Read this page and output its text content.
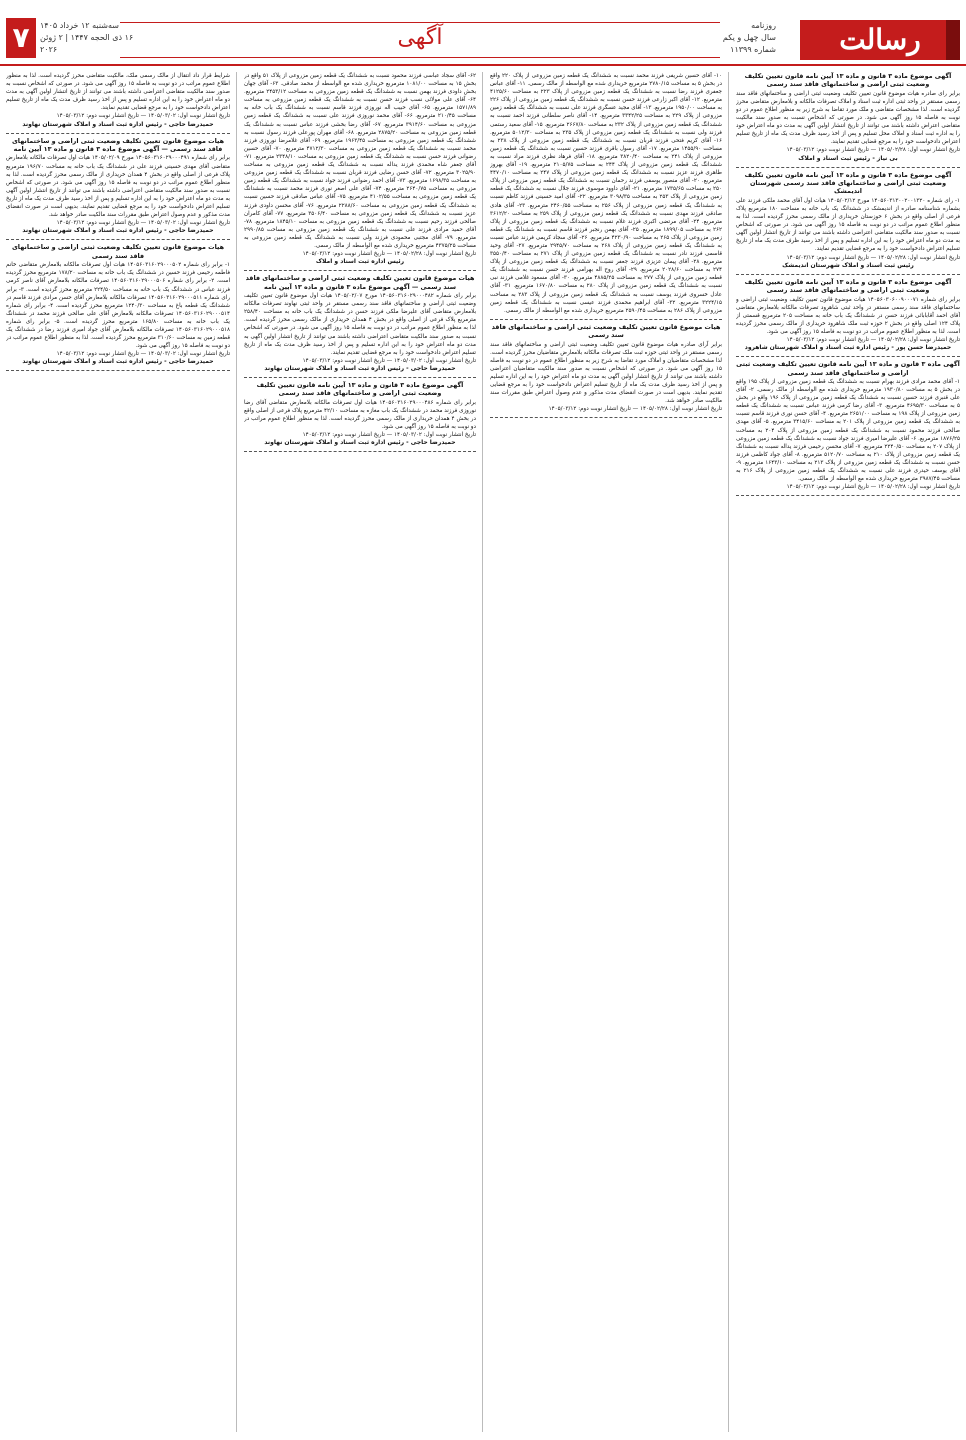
رسالت
روزنامه
سال چهل و یکم
شماره ۱۱۳۹۹
آگهی
سه‌شنبه ۱۲ خرداد ۱۴۰۵
۱۶ ذی الحجه ۱۴۴۷ | ۲ ژوئن ۲۰۲۶
۷
آگهی موضوع ماده ۳ قانون و ماده ۱۳ آیین نامه قانون تعیین تکلیف وضعیت ثبتی اراضی و ساختمانهای فاقد سند رسمی
برابر رای صادره هیات موضوع قانون تعیین تکلیف وضعیت ثبتی اراضی و ساختمانهای فاقد سند رسمی مستقر در واحد ثبتی اداره ثبت اسناد و املاک تصرفات مالکانه و بلامعارض متقاضی محرز گردیده است. لذا مشخصات متقاضی و ملک مورد تقاضا به شرح زیر به منظور اطلاع عموم در دو نوبت به فاصله ۱۵ روز آگهی می شود. در صورتی که اشخاص نسبت به صدور سند مالکیت متقاضی اعتراض داشته باشند می توانند از تاریخ انتشار اولین آگهی به مدت دو ماه اعتراض خود را به اداره ثبت اسناد و املاک محل تسلیم و پس از اخذ رسید ظرف مدت یک ماه از تاریخ تسلیم اعتراض دادخواست خود را به مرجع قضایی تقدیم نمایند.
تاریخ انتشار نوبت اول: ۱۴۰۵/۰۲/۲۸ — تاریخ انتشار نوبت دوم: ۱۴۰۵/۰۳/۱۲
بی نیاز - رئیس ثبت اسناد و املاک
آگهی موضوع ماده ۳ قانون و ماده ۱۳ آیین نامه قانون تعیین تکلیف وضعیت ثبتی اراضی و ساختمانهای فاقد سند رسمی شهرستان اندیمشک
۱- رای شماره ۱۴۰۵۶۰۳۱۳۰۰۲۰۰۱۳۲۰ مورخ ۱۴۰۵/۰۲/۱۲ هیات اول آقای محمد ملکی فرزند علی بشماره شناسنامه صادره از اندیمشک در ششدانگ یک باب خانه به مساحت ۱۸۰ مترمربع پلاک فرعی از اصلی واقع در بخش ۶ خوزستان خریداری از مالک رسمی محرز گردیده است. لذا به منظور اطلاع عموم مراتب در دو نوبت به فاصله ۱۵ روز آگهی می شود. در صورتی که اشخاص نسبت به صدور سند مالکیت متقاضی اعتراضی داشته باشند می توانند از تاریخ انتشار اولین آگهی به مدت دو ماه اعتراض خود را به این اداره تسلیم و پس از اخذ رسید ظرف مدت یک ماه از تاریخ تسلیم اعتراض دادخواست خود را به مرجع قضایی تقدیم نمایند.
تاریخ انتشار نوبت اول: ۱۴۰۵/۰۲/۲۸ — تاریخ انتشار نوبت دوم: ۱۴۰۵/۰۳/۱۲
رئیس ثبت اسناد و املاک شهرستان اندیمشک
آگهی موضوع ماده ۳ قانون و ماده ۱۳ آیین نامه قانون تعیین تکلیف وضعیت ثبتی اراضی و ساختمانهای فاقد سند رسمی
برابر رای شماره ۱۴۰۵۶۰۳۰۶۰۰۹۰۰۰۷۱ هیات موضوع قانون تعیین تکلیف وضعیت ثبتی اراضی و ساختمانهای فاقد سند رسمی مستقر در واحد ثبتی شاهرود تصرفات مالکانه بلامعارض متقاضی آقای احمد آقابابائی فرزند حسن در ششدانگ یک باب خانه به مساحت ۲۰۵ مترمربع قسمتی از پلاک ۱۲۴ اصلی واقع در بخش ۲ حوزه ثبت ملک شاهرود خریداری از مالک رسمی محرز گردیده است. لذا به منظور اطلاع عموم مراتب در دو نوبت به فاصله ۱۵ روز آگهی می شود.
تاریخ انتشار نوبت اول: ۱۴۰۵/۰۲/۲۸ — تاریخ انتشار نوبت دوم: ۱۴۰۵/۰۳/۱۲
حمیدرضا حسن پور - رئیس اداره ثبت اسناد و املاک شهرستان شاهرود
آگهی ماده ۳ قانون و ماده ۱۳ آیین نامه قانون تعیین تکلیف وضعیت ثبتی اراضی و ساختمانهای فاقد سند رسمی
۱- آقای محمد مرادی فرزند بهرام نسبت به ششدانگ یک قطعه زمین مزروعی از پلاک ۱۹۵ واقع در بخش ۵ به مساحت ۱۹۳۰/۸۰ مترمربع خریداری شده مع الواسطه از مالک رسمی. ۲- آقای علی قنبری فرزند حسین نسبت به ششدانگ یک قطعه زمین مزروعی از پلاک ۱۹۶ واقع در بخش ۵ به مساحت ۴۶۹۵/۳۰ مترمربع. ۳- آقای رضا کرمی فرزند عباس نسبت به ششدانگ یک قطعه زمین مزروعی از پلاک ۱۹۸ به مساحت ۲۶۵۱/۰۰ مترمربع. ۴- آقای حسن نوری فرزند قاسم نسبت به ششدانگ یک قطعه زمین مزروعی از پلاک ۲۰۱ به مساحت ۳۴۱۵/۶۰ مترمربع. ۵- آقای مهدی صالحی فرزند محمود نسبت به ششدانگ یک قطعه زمین مزروعی از پلاک ۲۰۴ به مساحت ۱۸۷۶/۲۵ مترمربع. ۶- آقای علیرضا امیری فرزند جواد نسبت به ششدانگ یک قطعه زمین مزروعی از پلاک ۲۰۷ به مساحت ۲۲۴۰/۵۰ مترمربع. ۷- آقای محسن رحیمی فرزند یداله نسبت به ششدانگ یک قطعه زمین مزروعی از پلاک ۲۱۰ به مساحت ۵۱۲۰/۷۰ مترمربع. ۸- آقای جواد کاظمی فرزند حسن نسبت به ششدانگ یک قطعه زمین مزروعی از پلاک ۲۱۳ به مساحت ۱۶۴۳/۱۰ مترمربع. ۹- آقای یوسف حیدری فرزند علی نسبت به ششدانگ یک قطعه زمین مزروعی از پلاک ۲۱۶ به مساحت ۳۹۸۷/۴۵ مترمربع خریداری شده مع الواسطه از مالک رسمی.
تاریخ انتشار نوبت اول: ۱۴۰۵/۰۲/۲۸ — تاریخ انتشار نوبت دوم: ۱۴۰۵/۰۳/۱۲
۱۰- آقای حسین شریفی فرزند محمد نسبت به ششدانگ یک قطعه زمین مزروعی از پلاک ۲۲۰ واقع در بخش ۵ به مساحت ۲۷۸۰/۱۵ مترمربع خریداری شده مع الواسطه از مالک رسمی. ۱۱- آقای عباس جعفری فرزند رضا نسبت به ششدانگ یک قطعه زمین مزروعی از پلاک ۲۲۳ به مساحت ۴۱۲۵/۶۰ مترمربع. ۱۲- آقای اکبر زارعی فرزند حسن نسبت به ششدانگ یک قطعه زمین مزروعی از پلاک ۲۲۶ به مساحت ۱۹۵۰/۰۰ مترمربع. ۱۳- آقای مجید عسگری فرزند علی نسبت به ششدانگ یک قطعه زمین مزروعی از پلاک ۲۲۹ به مساحت ۳۳۴۲/۲۵ مترمربع. ۱۴- آقای ناصر سلطانی فرزند احمد نسبت به ششدانگ یک قطعه زمین مزروعی از پلاک ۲۳۲ به مساحت ۲۶۶۷/۸۰ مترمربع. ۱۵- آقای سعید رستمی فرزند ولی نسبت به ششدانگ یک قطعه زمین مزروعی از پلاک ۲۳۵ به مساحت ۵۰۱۲/۳۰ مترمربع. ۱۶- آقای کریم فتحی فرزند قربان نسبت به ششدانگ یک قطعه زمین مزروعی از پلاک ۲۳۸ به مساحت ۱۴۵۵/۹۰ مترمربع. ۱۷- آقای رسول باقری فرزند حسین نسبت به ششدانگ یک قطعه زمین مزروعی از پلاک ۲۴۱ به مساحت ۳۸۲۰/۴۰ مترمربع. ۱۸- آقای فرهاد نظری فرزند مراد نسبت به ششدانگ یک قطعه زمین مزروعی از پلاک ۲۴۴ به مساحت ۲۱۰۵/۷۵ مترمربع. ۱۹- آقای بهروز طاهری فرزند عزیز نسبت به ششدانگ یک قطعه زمین مزروعی از پلاک ۲۴۷ به مساحت ۴۴۷۰/۱۰ مترمربع. ۲۰- آقای منصور یوسفی فرزند رحمان نسبت به ششدانگ یک قطعه زمین مزروعی از پلاک ۲۵۰ به مساحت ۱۷۳۵/۶۵ مترمربع. ۲۱- آقای داوود موسوی فرزند جلال نسبت به ششدانگ یک قطعه زمین مزروعی از پلاک ۲۵۳ به مساحت ۳۰۹۸/۳۵ مترمربع. ۲۲- آقای امید حسینی فرزند کاظم نسبت به ششدانگ یک قطعه زمین مزروعی از پلاک ۲۵۶ به مساحت ۲۴۶۰/۵۵ مترمربع. ۲۳- آقای هادی صادقی فرزند مهدی نسبت به ششدانگ یک قطعه زمین مزروعی از پلاک ۲۵۹ به مساحت ۳۶۱۲/۲۰ مترمربع. ۲۴- آقای مرتضی اکبری فرزند غلام نسبت به ششدانگ یک قطعه زمین مزروعی از پلاک ۲۶۲ به مساحت ۱۸۹۹/۰۵ مترمربع. ۲۵- آقای بهمن رنجبر فرزند قاسم نسبت به ششدانگ یک قطعه زمین مزروعی از پلاک ۲۶۵ به مساحت ۴۲۳۰/۹۰ مترمربع. ۲۶- آقای سجاد کریمی فرزند عباس نسبت به ششدانگ یک قطعه زمین مزروعی از پلاک ۲۶۸ به مساحت ۲۹۴۵/۷۰ مترمربع. ۲۷- آقای وحید قاسمی فرزند نادر نسبت به ششدانگ یک قطعه زمین مزروعی از پلاک ۲۷۱ به مساحت ۳۵۵۰/۴۰ مترمربع. ۲۸- آقای پیمان عزیزی فرزند جعفر نسبت به ششدانگ یک قطعه زمین مزروعی از پلاک ۲۷۴ به مساحت ۲۰۲۸/۶۰ مترمربع. ۲۹- آقای روح اله بهرامی فرزند حسن نسبت به ششدانگ یک قطعه زمین مزروعی از پلاک ۲۷۷ به مساحت ۴۸۸۵/۲۵ مترمربع. ۳۰- آقای مسعود غلامی فرزند نبی نسبت به ششدانگ یک قطعه زمین مزروعی از پلاک ۲۸۰ به مساحت ۱۶۷۰/۸۰ مترمربع. ۳۱- آقای عادل خسروی فرزند یوسف نسبت به ششدانگ یک قطعه زمین مزروعی از پلاک ۲۸۳ به مساحت ۳۲۲۴/۱۵ مترمربع. ۳۲- آقای ابراهیم محمدی فرزند عیسی نسبت به ششدانگ یک قطعه زمین مزروعی از پلاک ۲۸۶ به مساحت ۲۵۹۰/۴۵ مترمربع خریداری شده مع الواسطه از مالک رسمی.
هیات موضوع قانون تعیین تکلیف وضعیت ثبتی اراضی و ساختمانهای فاقد سند رسمی
برابر آرای صادره هیات موضوع قانون تعیین تکلیف وضعیت ثبتی اراضی و ساختمانهای فاقد سند رسمی مستقر در واحد ثبتی حوزه ثبت ملک تصرفات مالکانه بلامعارض متقاضیان محرز گردیده است. لذا مشخصات متقاضیان و املاک مورد تقاضا به شرح زیر به منظور اطلاع عموم در دو نوبت به فاصله ۱۵ روز آگهی می شود. در صورتی که اشخاص نسبت به صدور سند مالکیت متقاضیان اعتراضی داشته باشند می توانند از تاریخ انتشار اولین آگهی به مدت دو ماه اعتراض خود را به این اداره تسلیم و پس از اخذ رسید ظرف مدت یک ماه از تاریخ تسلیم اعتراض دادخواست خود را به مرجع قضایی تقدیم نمایند. بدیهی است در صورت انقضای مدت مذکور و عدم وصول اعتراض طبق مقررات سند مالکیت صادر خواهد شد.
تاریخ انتشار نوبت اول: ۱۴۰۵/۰۲/۲۸ — تاریخ انتشار نوبت دوم: ۱۴۰۵/۰۳/۱۲
۶۲- آقای سجاد عباسی فرزند محمود نسبت به ششدانگ یک قطعه زمین مزروعی از پلاک ۵۱ واقع در بخش ۱۵ به مساحت ۱۰۸۱/۰۰ مترمربع خریداری شده مع الواسطه از محمد صادقی. ۶۳- آقای جهان بخش داودی فرزند بهمن نسبت به ششدانگ یک قطعه زمین مزروعی به مساحت ۲۴۵۳/۱۲ مترمربع. ۶۴- آقای علی مولائی نسب فرزند حسن نسبت به ششدانگ یک قطعه زمین مزروعی به مساحت ۱۵۷۱/۸۹ مترمربع. ۶۵- آقای حبیب اله نوروزی فرزند قاسم نسبت به ششدانگ یک باب خانه به مساحت ۲۱۰/۴۵ مترمربع. ۶۶- آقای محمد نوروزی فرزند علی نسبت به ششدانگ یک قطعه زمین مزروعی به مساحت ۳۹۱۴/۶۰ مترمربع. ۶۷- آقای رضا بخشی فرزند عباس نسبت به ششدانگ یک قطعه زمین مزروعی به مساحت ۲۸۷۵/۲۰ مترمربع. ۶۸- آقای مهران پورعلی فرزند رسول نسبت به ششدانگ یک قطعه زمین مزروعی به مساحت ۱۹۶۳/۴۵ مترمربع. ۶۹- آقای غلامرضا نوروزی فرزند محمد نسبت به ششدانگ یک قطعه زمین مزروعی به مساحت ۴۷۱۲/۳۰ مترمربع. ۷۰- آقای حسین رضوانی فرزند حسن نسبت به ششدانگ یک قطعه زمین مزروعی به مساحت ۲۳۴۸/۱۰ مترمربع. ۷۱- آقای جعفر شاه محمدی فرزند یداله نسبت به ششدانگ یک قطعه زمین مزروعی به مساحت ۳۰۲۵/۹۰ مترمربع. ۷۲- آقای حسن رضایی فرزند قربان نسبت به ششدانگ یک قطعه زمین مزروعی به مساحت ۱۶۹۸/۳۵ مترمربع. ۷۳- آقای احمد رضوانی فرزند جواد نسبت به ششدانگ یک قطعه زمین مزروعی به مساحت ۲۶۴۰/۷۵ مترمربع. ۷۴- آقای علی اصغر نوری فرزند محمد نسبت به ششدانگ یک قطعه زمین مزروعی به مساحت ۴۱۰۲/۵۵ مترمربع. ۷۵- آقای عباس صادقی فرزند حسین نسبت به ششدانگ یک قطعه زمین مزروعی به مساحت ۲۲۸۸/۶۰ مترمربع. ۷۶- آقای محسن داودی فرزند عزیز نسبت به ششدانگ یک قطعه زمین مزروعی به مساحت ۳۵۰۶/۴۰ مترمربع. ۷۷- آقای کامران صالحی فرزند رحیم نسبت به ششدانگ یک قطعه زمین مزروعی به مساحت ۱۸۴۵/۱۰ مترمربع. ۷۸- آقای حمید مرادی فرزند علی نسبت به ششدانگ یک قطعه زمین مزروعی به مساحت ۲۹۹۰/۸۵ مترمربع. ۷۹- آقای مجتبی محمودی فرزند ولی نسبت به ششدانگ یک قطعه زمین مزروعی به مساحت ۴۳۷۵/۲۵ مترمربع خریداری شده مع الواسطه از مالک رسمی.
تاریخ انتشار نوبت اول: ۱۴۰۵/۰۲/۲۸ — تاریخ انتشار نوبت دوم: ۱۴۰۵/۰۳/۱۲
رئیس اداره ثبت اسناد و املاک
هیات موضوع قانون تعیین تکلیف وضعیت ثبتی اراضی و ساختمانهای فاقد سند رسمی — آگهی موضوع ماده ۳ قانون و ماده ۱۳ آیین نامه
برابر رای شماره ۱۴۰۵۶۰۳۱۶۰۲۹۰۰۰۴۸۲ مورخ ۱۴۰۵/۰۲/۰۷ هیات اول موضوع قانون تعیین تکلیف وضعیت ثبتی اراضی و ساختمانهای فاقد سند رسمی مستقر در واحد ثبتی نهاوند تصرفات مالکانه بلامعارض متقاضی آقای علیرضا ملکی فرزند حسن در ششدانگ یک باب خانه به مساحت ۲۵۸/۴۰ مترمربع پلاک فرعی از اصلی واقع در بخش ۴ همدان خریداری از مالک رسمی محرز گردیده است. لذا به منظور اطلاع عموم مراتب در دو نوبت به فاصله ۱۵ روز آگهی می شود. در صورتی که اشخاص نسبت به صدور سند مالکیت متقاضی اعتراضی داشته باشند می توانند از تاریخ انتشار اولین آگهی به مدت دو ماه اعتراض خود را به این اداره تسلیم و پس از اخذ رسید ظرف مدت یک ماه از تاریخ تسلیم اعتراض دادخواست خود را به مرجع قضایی تقدیم نمایند.
تاریخ انتشار نوبت اول: ۱۴۰۵/۰۳/۰۲ — تاریخ انتشار نوبت دوم: ۱۴۰۵/۰۳/۱۲
حمیدرضا حاجی - رئیس اداره ثبت اسناد و املاک شهرستان نهاوند
آگهی موضوع ماده ۳ قانون و ماده ۱۳ آیین نامه قانون تعیین تکلیف وضعیت ثبتی اراضی و ساختمانهای فاقد سند رسمی
برابر رای شماره ۱۴۰۵۶۰۳۱۶۰۲۹۰۰۰۴۸۶ هیات اول تصرفات مالکانه بلامعارض متقاضی آقای رضا نوروزی فرزند محمد در ششدانگ یک باب مغازه به مساحت ۴۲/۱۰ مترمربع پلاک فرعی از اصلی واقع در بخش ۴ همدان خریداری از مالک رسمی محرز گردیده است. لذا به منظور اطلاع عموم مراتب در دو نوبت به فاصله ۱۵ روز آگهی می شود.
تاریخ انتشار نوبت اول: ۱۴۰۵/۰۳/۰۲ — تاریخ انتشار نوبت دوم: ۱۴۰۵/۰۳/۱۲
حمیدرضا حاجی - رئیس اداره ثبت اسناد و املاک شهرستان نهاوند
شرایط قرار داد انتقال از مالک رسمی ملک، مالکیت متقاضی محرز گردیده است. لذا به منظور اطلاع عموم مراتب در دو نوبت به فاصله ۱۵ روز آگهی می شود. در صورتی که اشخاص نسبت به صدور سند مالکیت متقاضی اعتراضی داشته باشند می توانند از تاریخ انتشار اولین آگهی به مدت دو ماه اعتراض خود را به این اداره تسلیم و پس از اخذ رسید ظرف مدت یک ماه از تاریخ تسلیم اعتراض دادخواست خود را به مرجع قضایی تقدیم نمایند.
تاریخ انتشار نوبت اول: ۱۴۰۵/۰۳/۰۲ — تاریخ انتشار نوبت دوم: ۱۴۰۵/۰۳/۱۲
حمیدرضا حاجی - رئیس اداره ثبت اسناد و املاک شهرستان نهاوند
هیات موضوع قانون تعیین تکلیف وضعیت ثبتی اراضی و ساختمانهای فاقد سند رسمی — آگهی موضوع ماده ۳ قانون و ماده ۱۳ آیین نامه
برابر رای شماره ۱۴۰۵۶۰۳۱۶۰۲۹۰۰۰۴۹۱ مورخ ۱۴۰۵/۰۲/۰۹ هیات اول تصرفات مالکانه بلامعارض متقاضی آقای مهدی حسینی فرزند علی در ششدانگ یک باب خانه به مساحت ۱۹۶/۷۰ مترمربع پلاک فرعی از اصلی واقع در بخش ۴ همدان خریداری از مالک رسمی محرز گردیده است. لذا به منظور اطلاع عموم مراتب در دو نوبت به فاصله ۱۵ روز آگهی می شود. در صورتی که اشخاص نسبت به صدور سند مالکیت متقاضی اعتراضی داشته باشند می توانند از تاریخ انتشار اولین آگهی به مدت دو ماه اعتراض خود را به این اداره تسلیم و پس از اخذ رسید ظرف مدت یک ماه از تاریخ تسلیم اعتراض دادخواست خود را به مرجع قضایی تقدیم نمایند. بدیهی است در صورت انقضای مدت مذکور و عدم وصول اعتراض طبق مقررات سند مالکیت صادر خواهد شد.
تاریخ انتشار نوبت اول: ۱۴۰۵/۰۳/۰۲ — تاریخ انتشار نوبت دوم: ۱۴۰۵/۰۳/۱۲
حمیدرضا حاجی - رئیس اداره ثبت اسناد و املاک شهرستان نهاوند
هیات موضوع قانون تعیین تکلیف وضعیت ثبتی اراضی و ساختمانهای فاقد سند رسمی
۱- برابر رای شماره ۱۴۰۵۶۰۳۱۶۰۲۹۰۰۰۵۰۲ هیات اول تصرفات مالکانه بلامعارض متقاضی خانم فاطمه رحیمی فرزند حسین در ششدانگ یک باب خانه به مساحت ۱۷۸/۲۰ مترمربع محرز گردیده است. ۲- برابر رای شماره ۱۴۰۵۶۰۳۱۶۰۲۹۰۰۰۵۰۶ تصرفات مالکانه بلامعارض آقای ناصر کرمی فرزند عباس در ششدانگ یک باب خانه به مساحت ۲۲۴/۵۰ مترمربع محرز گردیده است. ۳- برابر رای شماره ۱۴۰۵۶۰۳۱۶۰۲۹۰۰۰۵۱۱ تصرفات مالکانه بلامعارض آقای حسن مرادی فرزند قاسم در ششدانگ یک قطعه باغ به مساحت ۱۲۴۰/۳۰ مترمربع محرز گردیده است. ۴- برابر رای شماره ۱۴۰۵۶۰۳۱۶۰۲۹۰۰۰۵۱۴ تصرفات مالکانه بلامعارض آقای علی صالحی فرزند محمد در ششدانگ یک باب خانه به مساحت ۱۶۵/۸۰ مترمربع محرز گردیده است. ۵- برابر رای شماره ۱۴۰۵۶۰۳۱۶۰۲۹۰۰۰۵۱۸ تصرفات مالکانه بلامعارض آقای جواد امیری فرزند رضا در ششدانگ یک قطعه زمین به مساحت ۳۱۰/۶۰ مترمربع محرز گردیده است. لذا به منظور اطلاع عموم مراتب در دو نوبت به فاصله ۱۵ روز آگهی می شود.
تاریخ انتشار نوبت اول: ۱۴۰۵/۰۳/۰۲ — تاریخ انتشار نوبت دوم: ۱۴۰۵/۰۳/۱۲
حمیدرضا حاجی - رئیس اداره ثبت اسناد و املاک شهرستان نهاوند
